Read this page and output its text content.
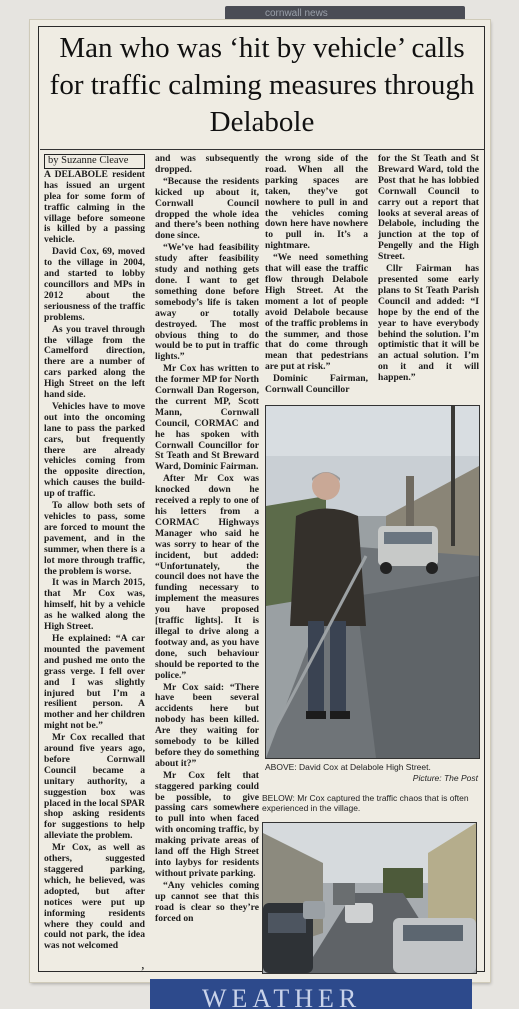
cornwall news
Man who was ‘hit by vehicle’ calls for traffic calming measures through Delabole

by Suzanne Cleave

A DELABOLE resident has issued an urgent plea for some form of traffic calming in the village before someone is killed by a passing vehicle.

David Cox, 69, moved to the village in 2004, and started to lobby councillors and MPs in 2012 about the seriousness of the traffic problems.

As you travel through the village from the Camelford direction, there are a number of cars parked along the High Street on the left hand side.

Vehicles have to move out into the oncoming lane to pass the parked cars, but frequently there are already vehicles coming from the opposite direction, which causes the build-up of traffic.

To allow both sets of vehicles to pass, some are forced to mount the pavement, and in the summer, when there is a lot more through traffic, the problem is worse.

It was in March 2015, that Mr Cox was, himself, hit by a vehicle as he walked along the High Street.

He explained: “A car mounted the pavement and pushed me onto the grass verge. I fell over and I was slightly injured but I’m a resilient person. A mother and her children might not be.”

Mr Cox recalled that around five years ago, before Cornwall Council became a unitary authority, a suggestion box was placed in the local SPAR shop asking residents for suggestions to help alleviate the problem.

Mr Cox, as well as others, suggested staggered parking, which, he believed, was adopted, but after notices were put up informing residents where they could and could not park, the idea was not welcomed

and was subsequently dropped.

“Because the residents kicked up about it, Cornwall Council dropped the whole idea and there’s been nothing done since.

“We’ve had feasibility study after feasibility study and nothing gets done. I want to get something done before somebody’s life is taken away or totally destroyed. The most obvious thing to do would be to put in traffic lights.”

Mr Cox has written to the former MP for North Cornwall Dan Rogerson, the current MP, Scott Mann, Cornwall Council, CORMAC and he has spoken with Cornwall Councillor for St Teath and St Breward Ward, Dominic Fairman.

After Mr Cox was knocked down he received a reply to one of his letters from a CORMAC Highways Manager who said he was sorry to hear of the incident, but added: “Unfortunately, the council does not have the funding necessary to implement the measures you have proposed [traffic lights]. It is illegal to drive along a footway and, as you have done, such behaviour should be reported to the police.”

Mr Cox said: “There have been several accidents here but nobody has been killed. Are they waiting for somebody to be killed before they do something about it?”

Mr Cox felt that staggered parking could be possible, to give passing cars somewhere to pull into when faced with oncoming traffic, by making private areas of land off the High Street into laybys for residents without private parking.

“Any vehicles coming up cannot see that this road is clear so they’re forced on

the wrong side of the road. When all the parking spaces are taken, they’ve got nowhere to pull in and the vehicles coming down here have nowhere to pull in. It’s a nightmare.

“We need something that will ease the traffic flow through Delabole High Street. At the moment a lot of people avoid Delabole because of the traffic problems in the summer, and those that do come through mean that pedestrians are put at risk.”

Dominic Fairman, Cornwall Councillor

for the St Teath and St Breward Ward, told the Post that he has lobbied Cornwall Council to carry out a report that looks at several areas of Delabole, including the junction at the top of Pengelly and the High Street.

Cllr Fairman has presented some early plans to St Teath Parish Council and added: “I hope by the end of the year to have everybody behind the solution. I’m optimistic that it will be an actual solution. I’m on it and it will happen.”

ABOVE: David Cox at Delabole High Street.
Picture: The Post
BELOW: Mr Cox captured the traffic chaos that is often experienced in the village.
’
WEATHER
